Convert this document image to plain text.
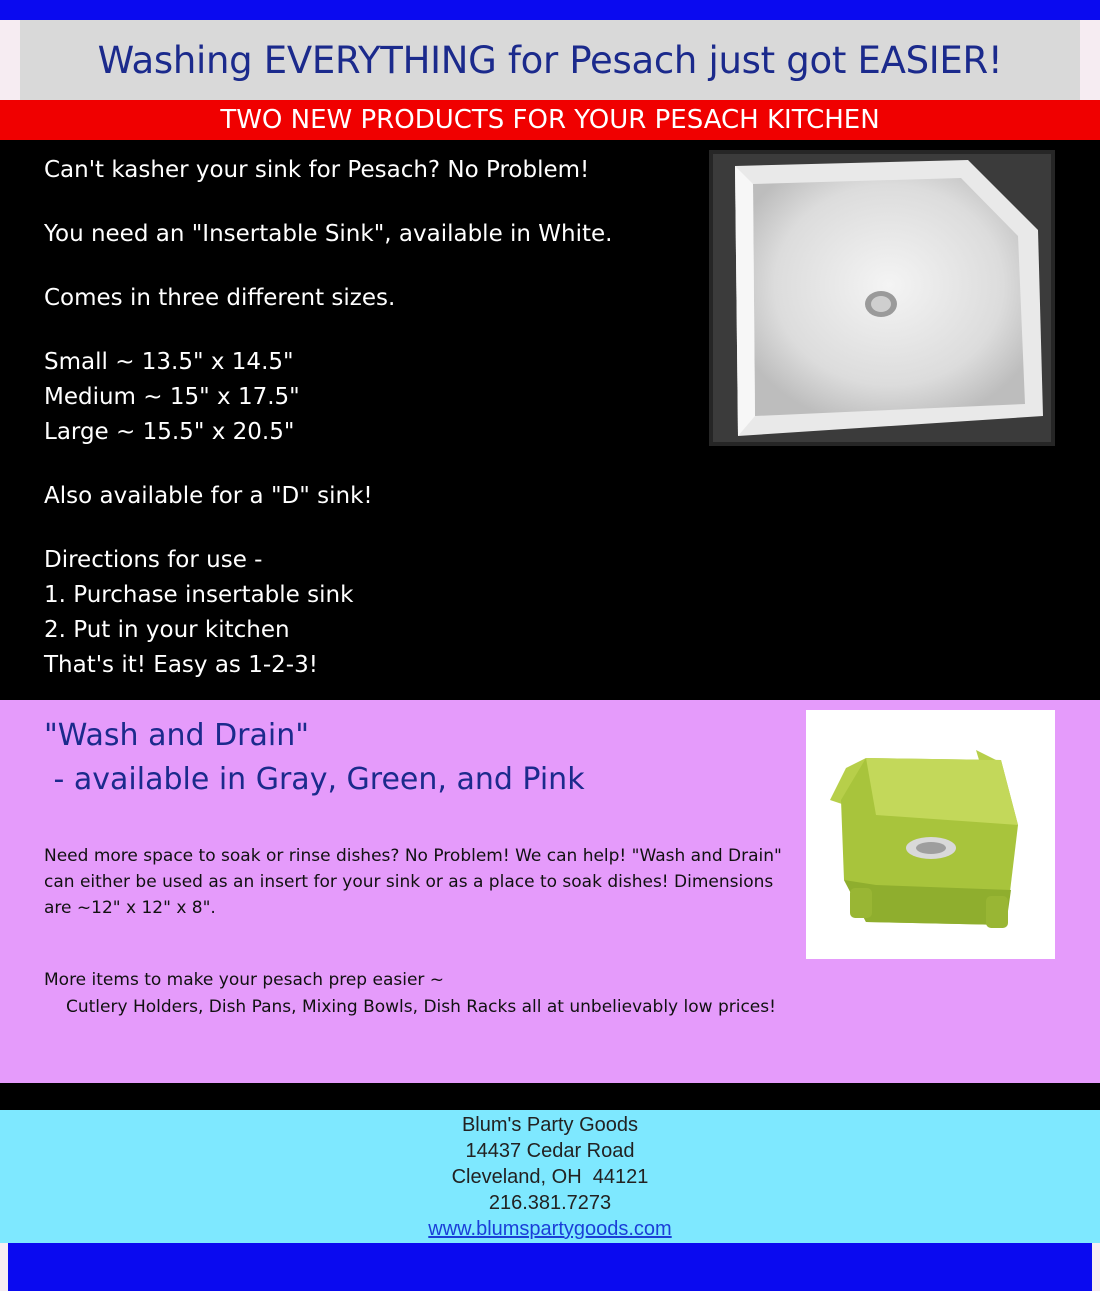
Washing EVERYTHING for Pesach just got EASIER!
TWO NEW PRODUCTS FOR YOUR PESACH KITCHEN

Can't kasher your sink for Pesach? No Problem!

You need an "Insertable Sink", available in White.

Comes in three different sizes.

Small ~ 13.5" x 14.5"

Medium ~ 15" x 17.5"

Large ~ 15.5" x 20.5"

Also available for a "D" sink!

Directions for use -

1. Purchase insertable sink

2. Put in your kitchen

That's it! Easy as 1-2-3!

"Wash and Drain"
- available in Gray, Green, and Pink
Need more space to soak or rinse dishes? No Problem! We can help! "Wash and Drain" can either be used as an insert for your sink or as a place to soak dishes! Dimensions are ~12" x 12" x 8".
More items to make your pesach prep easier ~
Cutlery Holders, Dish Pans, Mixing Bowls, Dish Racks all at unbelievably low prices!
Blum's Party Goods
14437 Cedar Road
Cleveland, OH  44121
216.381.7273
www.blumspartygoods.com
